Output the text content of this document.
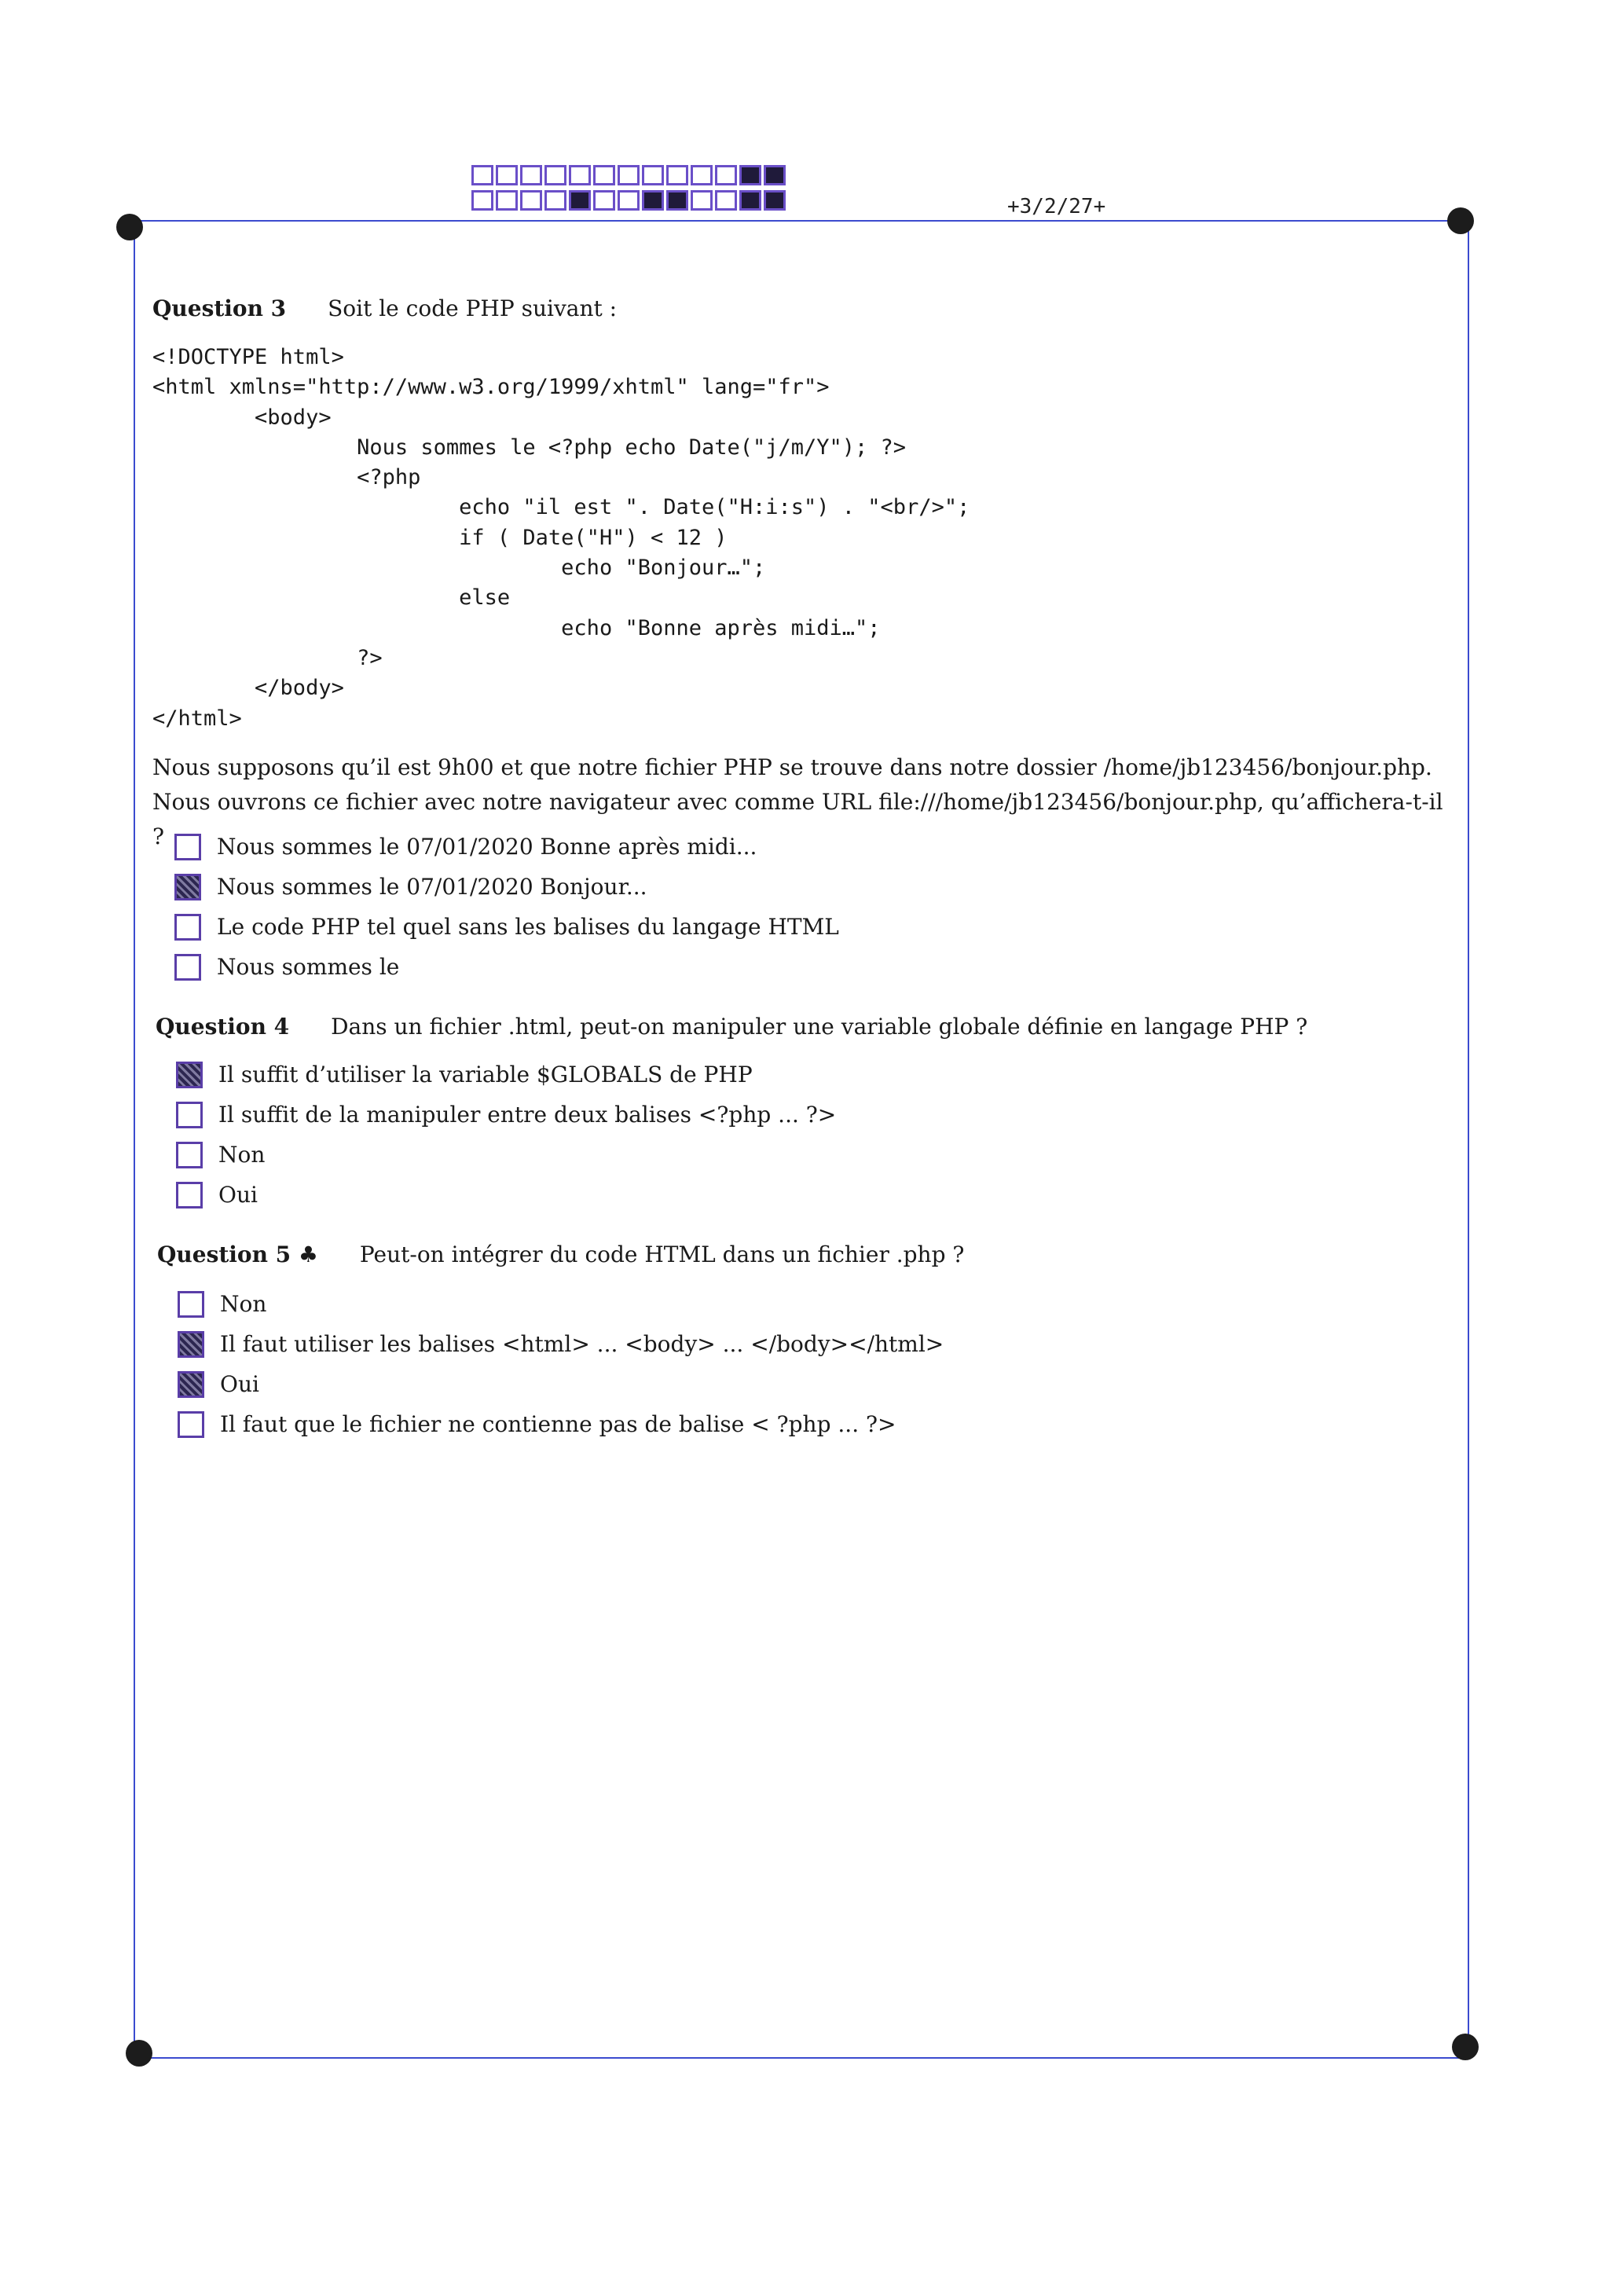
+3/2/27+
Question 3 Soit le code PHP suivant :
<!DOCTYPE html>
<html xmlns="http://www.w3.org/1999/xhtml" lang="fr">
<body>
Nous sommes le <?php echo Date("j/m/Y"); ?>
<?php
echo "il est ". Date("H:i:s") . "<br/>";
if ( Date("H") < 12 )
echo "Bonjour…";
else
echo "Bonne après midi…";
?>
</body>
</html>

Nous supposons qu’il est 9h00 et que notre fichier PHP se trouve dans notre dossier /home/jb123456/bonjour.php. Nous ouvrons ce fichier avec notre navigateur avec comme URL file:///home/jb123456/bonjour.php, qu’affichera-t-il ?	Nous sommes le 07/01/2020 Bonne après midi...
Nous sommes le 07/01/2020 Bonjour...
Le code PHP tel quel sans les balises du langage HTML
Nous sommes le
Question 4 Dans un fichier .html, peut-on manipuler une variable globale définie en langage PHP ?
Il suffit d’utiliser la variable $GLOBALS de PHP
Il suffit de la manipuler entre deux balises <?php ... ?>
Non
Oui
Question 5 ♣ Peut-on intégrer du code HTML dans un fichier .php ?
Non
Il faut utiliser les balises <html> ... <body> ... </body></html>
Oui
Il faut que le fichier ne contienne pas de balise < ?php ... ?>
